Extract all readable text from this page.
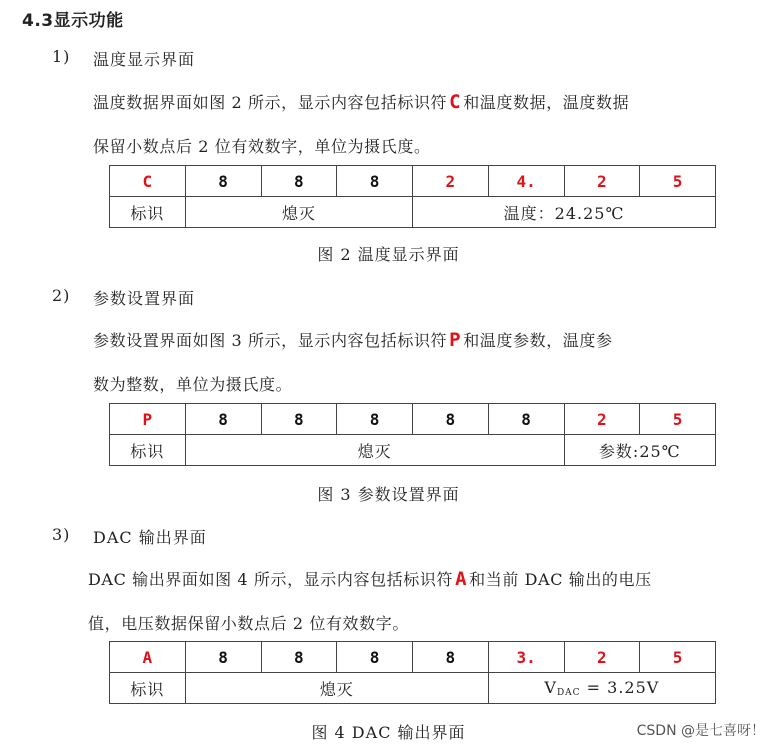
4.3显示功能
1) 温度显示界面
温度数据界面如图 2 所示，显示内容包括标识符 C 和温度数据，温度数据
保留小数点后 2 位有效数字，单位为摄氏度。
C	8	8	8	2	4.	2	5
标识	熄灭			温度：24.25℃			
图 2 温度显示界面
2) 参数设置界面
参数设置界面如图 3 所示，显示内容包括标识符 P 和温度参数，温度参
数为整数，单位为摄氏度。
P	8	8	8	8	8	2	5
标识	熄灭					参数:25℃	
图 3 参数设置界面
3) DAC 输出界面
DAC 输出界面如图 4 所示，显示内容包括标识符 A 和当前 DAC 输出的电压
值，电压数据保留小数点后 2 位有效数字。
A	8	8	8	8	3.	2	5
标识	熄灭				VDAC = 3.25V		
图 4 DAC 输出界面	CSDN @是七喜呀！
